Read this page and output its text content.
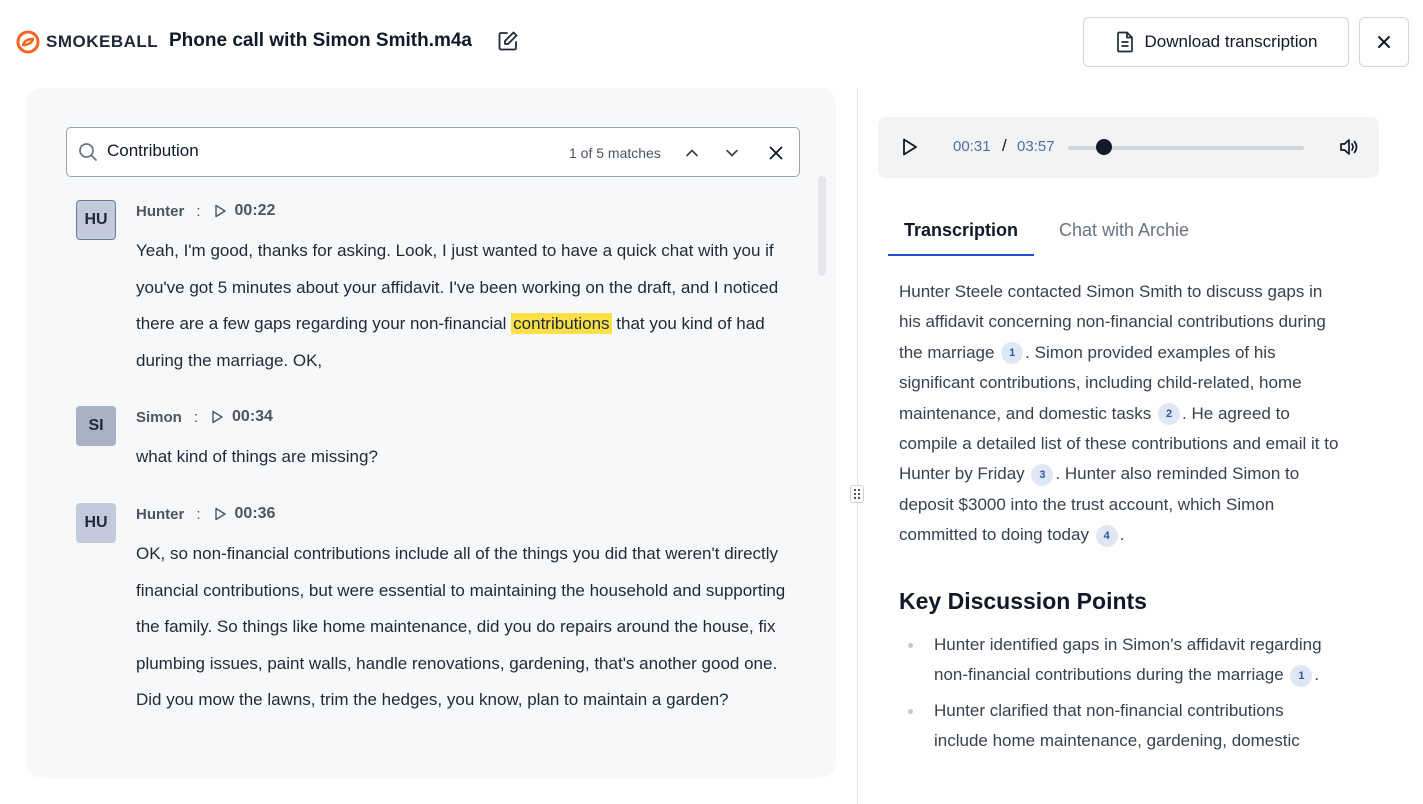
SMOKEBALL Phone call with Simon Smith.m4a	Download transcription
Contribution
1 of 5 matches
HU	Hunter : 00:22
Yeah, I'm good, thanks for asking. Look, I just wanted to have a quick chat with you if you've got 5 minutes about your affidavit. I've been working on the draft, and I noticed there are a few gaps regarding your non-financial contributions that you kind of had during the marriage. OK,
SI	Simon : 00:34
what kind of things are missing?
HU	Hunter : 00:36
OK, so non-financial contributions include all of the things you did that weren't directly financial contributions, but were essential to maintaining the household and supporting the family. So things like home maintenance, did you do repairs around the house, fix plumbing issues, paint walls, handle renovations, gardening, that's another good one. Did you mow the lawns, trim the hedges, you know, plan to maintain a garden?
00:31 / 03:57
Transcription	Chat with Archie
Hunter Steele contacted Simon Smith to discuss gaps in his affidavit concerning non-financial contributions during the marriage 1 . Simon provided examples of his significant contributions, including child-related, home maintenance, and domestic tasks 2 . He agreed to compile a detailed list of these contributions and email it to Hunter by Friday 3 . Hunter also reminded Simon to deposit $3000 into the trust account, which Simon committed to doing today 4 .
Key Discussion Points
Hunter identified gaps in Simon's affidavit regarding non-financial contributions during the marriage 1 .
Hunter clarified that non-financial contributions include home maintenance, gardening, domestic
